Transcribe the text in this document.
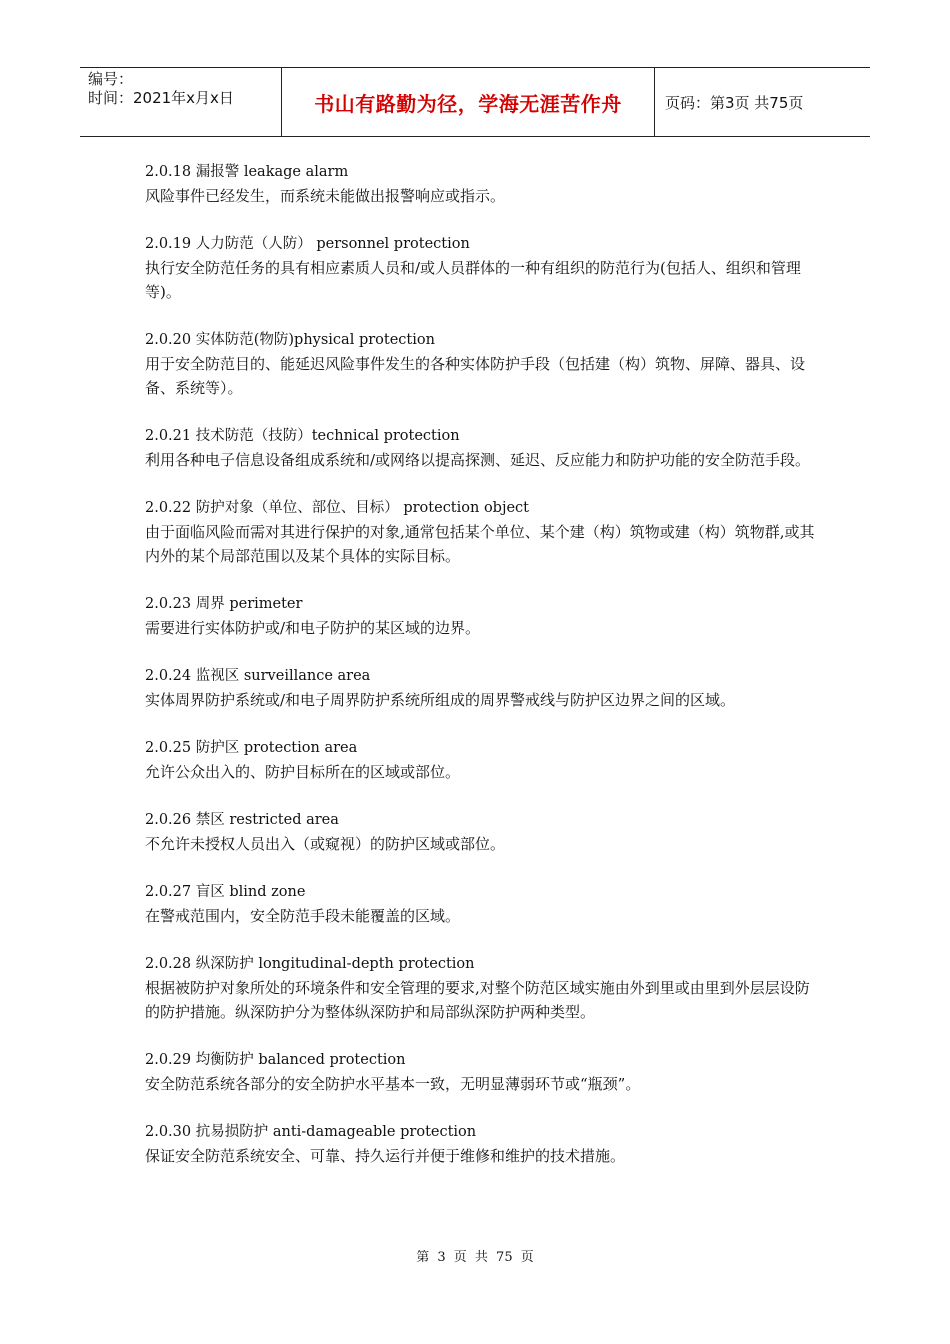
编号：
时间：2021年x月x日	书山有路勤为径，学海无涯苦作舟	页码：第3页 共75页
2.0.18 漏报警 leakage alarm
风险事件已经发生，而系统未能做出报警响应或指示。
2.0.19 人力防范（人防） personnel protection
执行安全防范任务的具有相应素质人员和/或人员群体的一种有组织的防范行为(包括人、组织和管理等)。
2.0.20 实体防范(物防)physical protection
用于安全防范目的、能延迟风险事件发生的各种实体防护手段（包括建（构）筑物、屏障、器具、设备、系统等）。
2.0.21 技术防范（技防）technical protection
利用各种电子信息设备组成系统和/或网络以提高探测、延迟、反应能力和防护功能的安全防范手段。
2.0.22 防护对象（单位、部位、目标） protection object
由于面临风险而需对其进行保护的对象,通常包括某个单位、某个建（构）筑物或建（构）筑物群,或其内外的某个局部范围以及某个具体的实际目标。
2.0.23 周界 perimeter
需要进行实体防护或/和电子防护的某区域的边界。
2.0.24 监视区 surveillance area
实体周界防护系统或/和电子周界防护系统所组成的周界警戒线与防护区边界之间的区域。
2.0.25 防护区 protection area
允许公众出入的、防护目标所在的区域或部位。
2.0.26 禁区 restricted area
不允许未授权人员出入（或窥视）的防护区域或部位。
2.0.27 盲区 blind zone
在警戒范围内，安全防范手段未能覆盖的区域。
2.0.28 纵深防护 longitudinal-depth protection
根据被防护对象所处的环境条件和安全管理的要求,对整个防范区域实施由外到里或由里到外层层设防的防护措施。纵深防护分为整体纵深防护和局部纵深防护两种类型。
2.0.29 均衡防护 balanced protection
安全防范系统各部分的安全防护水平基本一致，无明显薄弱环节或“瓶颈”。
2.0.30 抗易损防护 anti-damageable protection
保证安全防范系统安全、可靠、持久运行并便于维修和维护的技术措施。
第 3 页 共 75 页
